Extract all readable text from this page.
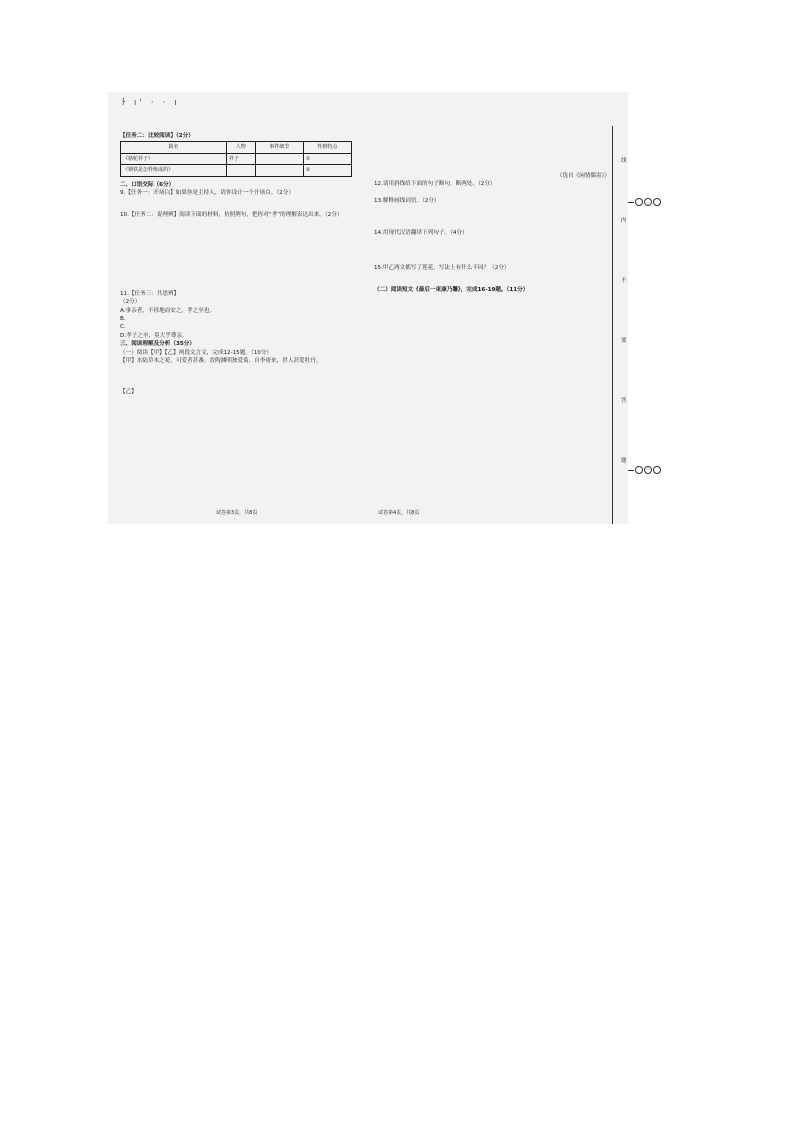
ŀ ı' · · ı
【任务二：比较阅读】（2分）
篇名	人物	事件细节	性格特点
《骆驼祥子》	祥子		①
《钢铁是怎样炼成的》			②
二、口语交际（6分）
9.【任务一：开场白】如果你是主持人，请你设计一个开场白。（2分）
10.【任务二：说理辨】阅读下面的材料，仿照例句，把你对“孝”的理解表达出来。（2分）
11.【任务三：共思辨】
（2分）
A.事亲者，不择地而安之，孝之至也。
B.
C.
D.孝子之至，莫大乎尊亲。
三、阅读理解及分析（35分）
（一）阅读【甲】【乙】两段文言文，完成12-15题。（10分）
【甲】水陆草木之花，可爱者甚蕃。晋陶渊明独爱菊。自李唐来，世人甚爱牡丹。
【乙】
（选自《闲情偶寄》）
12.请用斜线给下面的句子断句，断两处。（2分）
13.解释画线词语。（2分）
14.用现代汉语翻译下列句子。（4分）
15.甲乙两文都写了莲花，写法上有什么不同？（2分）
（二）阅读短文《最后一束康乃馨》，完成16-19题。（11分）
线
内
不
要
答
题
试卷第3页，共8页	试卷第4页，共8页
